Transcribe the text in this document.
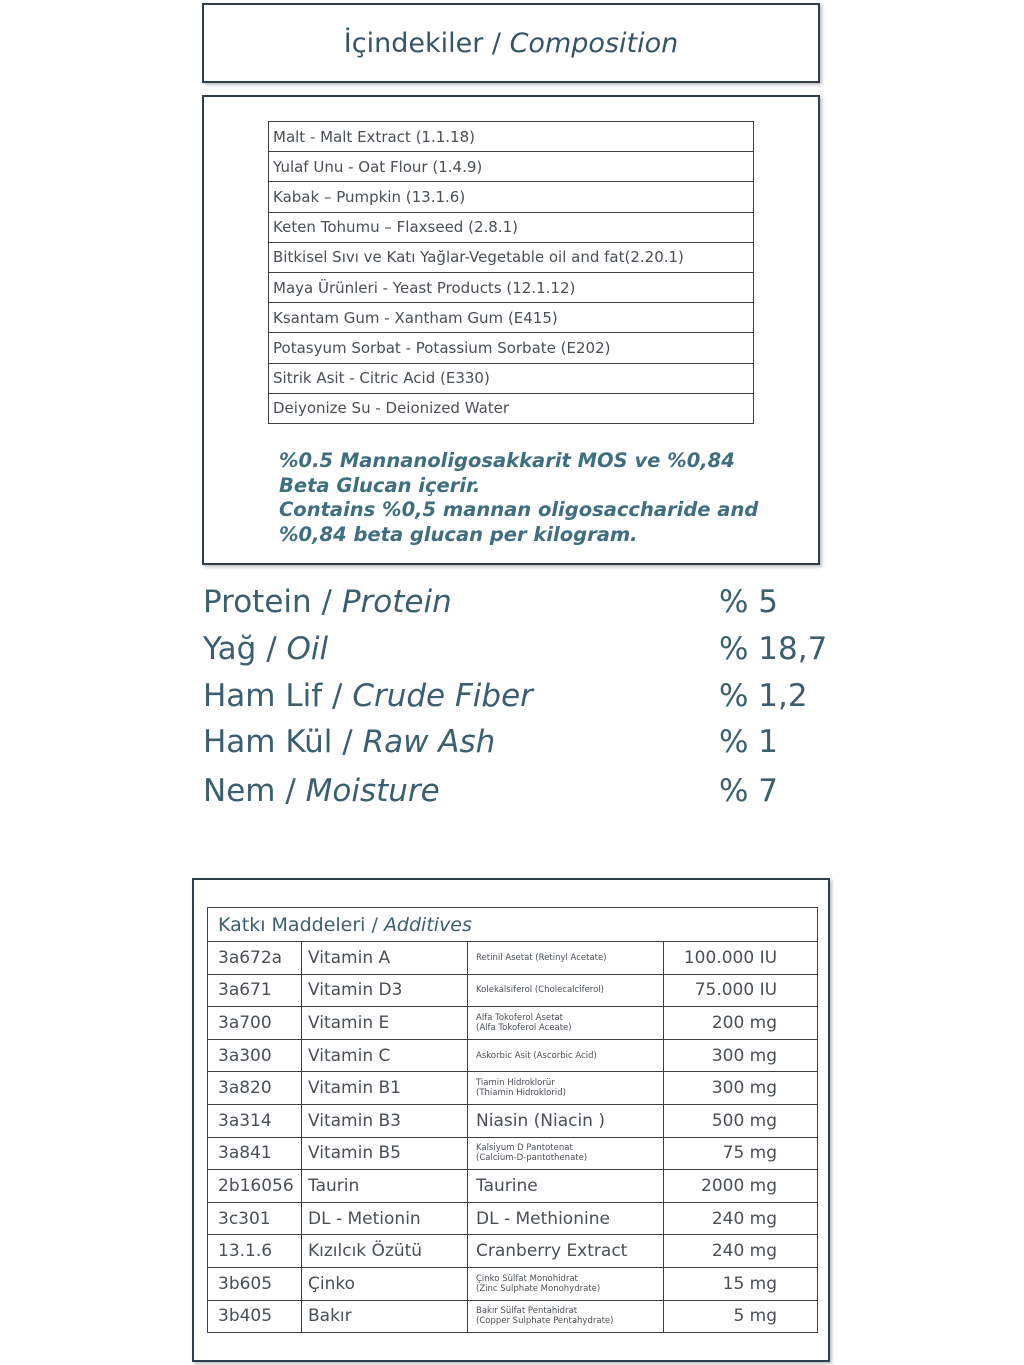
İçindekiler / Composition
Malt - Malt Extract (1.1.18)
Yulaf Unu - Oat Flour (1.4.9)
Kabak – Pumpkin (13.1.6)
Keten Tohumu – Flaxseed (2.8.1)
Bitkisel Sıvı ve Katı Yağlar-Vegetable oil and fat(2.20.1)
Maya Ürünleri - Yeast Products (12.1.12)
Ksantam Gum - Xantham Gum (E415)
Potasyum Sorbat - Potassium Sorbate (E202)
Sitrik Asit - Citric Acid (E330)
Deiyonize Su - Deionized Water
%0.5 Mannanoligosakkarit MOS ve %0,84
Beta Glucan içerir.
Contains %0,5 mannan oligosaccharide and
%0,84 beta glucan per kilogram.
Protein / Protein	% 5
Yağ / Oil	% 18,7
Ham Lif / Crude Fiber	% 1,2
Ham Kül / Raw Ash	% 1
Nem / Moisture	% 7
Katkı Maddeleri / Additives			
3a672a	Vitamin A	Retinil Asetat (Retinyl Acetate)	100.000 IU
3a671	Vitamin D3	Kolekalsiferol (Cholecalciferol)	75.000 IU
3a700	Vitamin E	Alfa Tokoferol Asetat
(Alfa Tokoferol Aceate)	200 mg
3a300	Vitamin C	Askorbic Asit (Ascorbic Acid)	300 mg
3a820	Vitamin B1	Tiamin Hidroklorür
(Thiamin Hidroklorid)	300 mg
3a314	Vitamin B3	Niasin (Niacin )	500 mg
3a841	Vitamin B5	Kalsiyum D Pantotenat
(Calcium-D-pantothenate)	75 mg
2b16056	Taurin	Taurine	2000 mg
3c301	DL - Metionin	DL - Methionine	240 mg
13.1.6	Kızılcık Özütü	Cranberry Extract	240 mg
3b605	Çinko	Çinko Sülfat Monohidrat
(Zinc Sulphate Monohydrate)	15 mg
3b405	Bakır	Bakır Sülfat Pentahidrat
(Copper Sulphate Pentahydrate)	5 mg
